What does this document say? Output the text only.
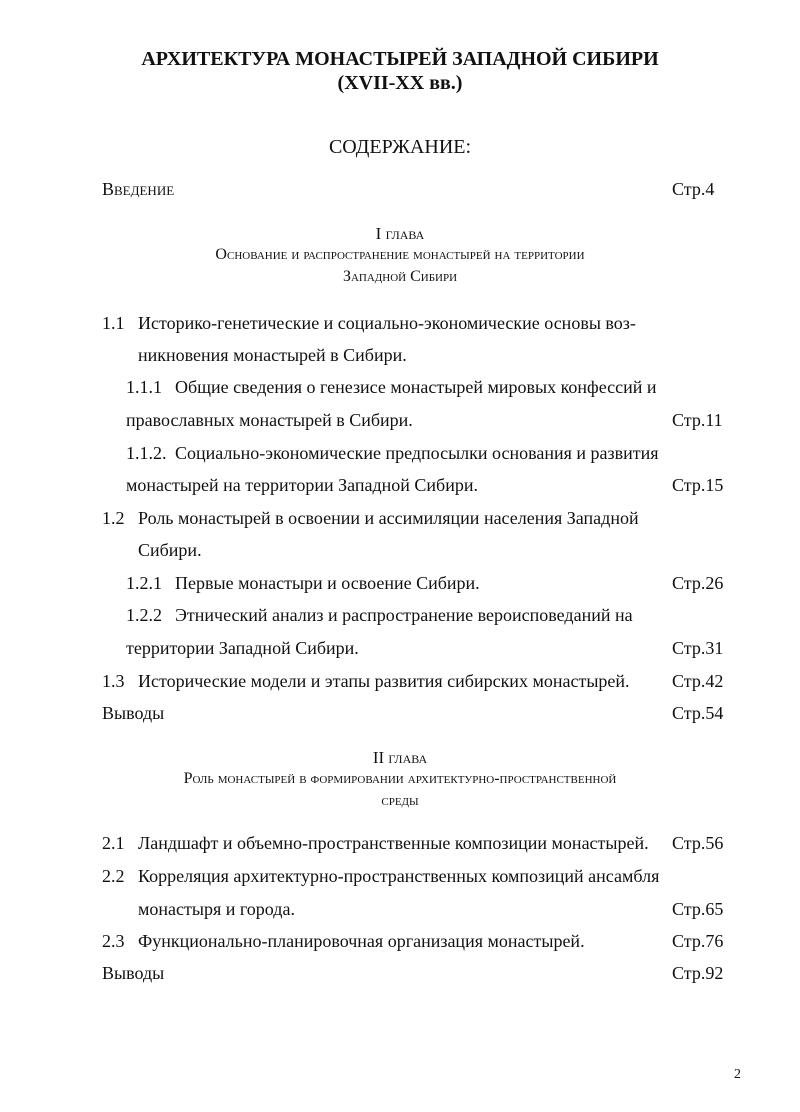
АРХИТЕКТУРА МОНАСТЫРЕЙ ЗАПАДНОЙ СИБИРИ
(XVII-XX вв.)
СОДЕРЖАНИЕ:
Введение	Стр.4
I глава
Основание и распространение монастырей на территории
Западной Сибири
1.1 Историко-генетические и социально-экономические основы воз-
никновения монастырей в Сибири.
1.1.1 Общие сведения о генезисе монастырей мировых конфессий и
православных монастырей в Сибири.	Стр.11
1.1.2. Социально-экономические предпосылки основания и развития
монастырей на территории Западной Сибири.	Стр.15
1.2 Роль монастырей в освоении и ассимиляции населения Западной
Сибири.
1.2.1 Первые монастыри и освоение Сибири.	Стр.26
1.2.2 Этнический анализ и распространение вероисповеданий на
территории Западной Сибири.	Стр.31
1.3 Исторические модели и этапы развития сибирских монастырей. Стр.42
Выводы	Стр.54
II глава
Роль монастырей в формировании архитектурно-пространственной
среды
2.1 Ландшафт и объемно-пространственные композиции монастырей. Стр.56
2.2 Корреляция архитектурно-пространственных композиций ансамбля
монастыря и города.	Стр.65
2.3 Функционально-планировочная организация монастырей.	Стр.76
Выводы	Стр.92
2
